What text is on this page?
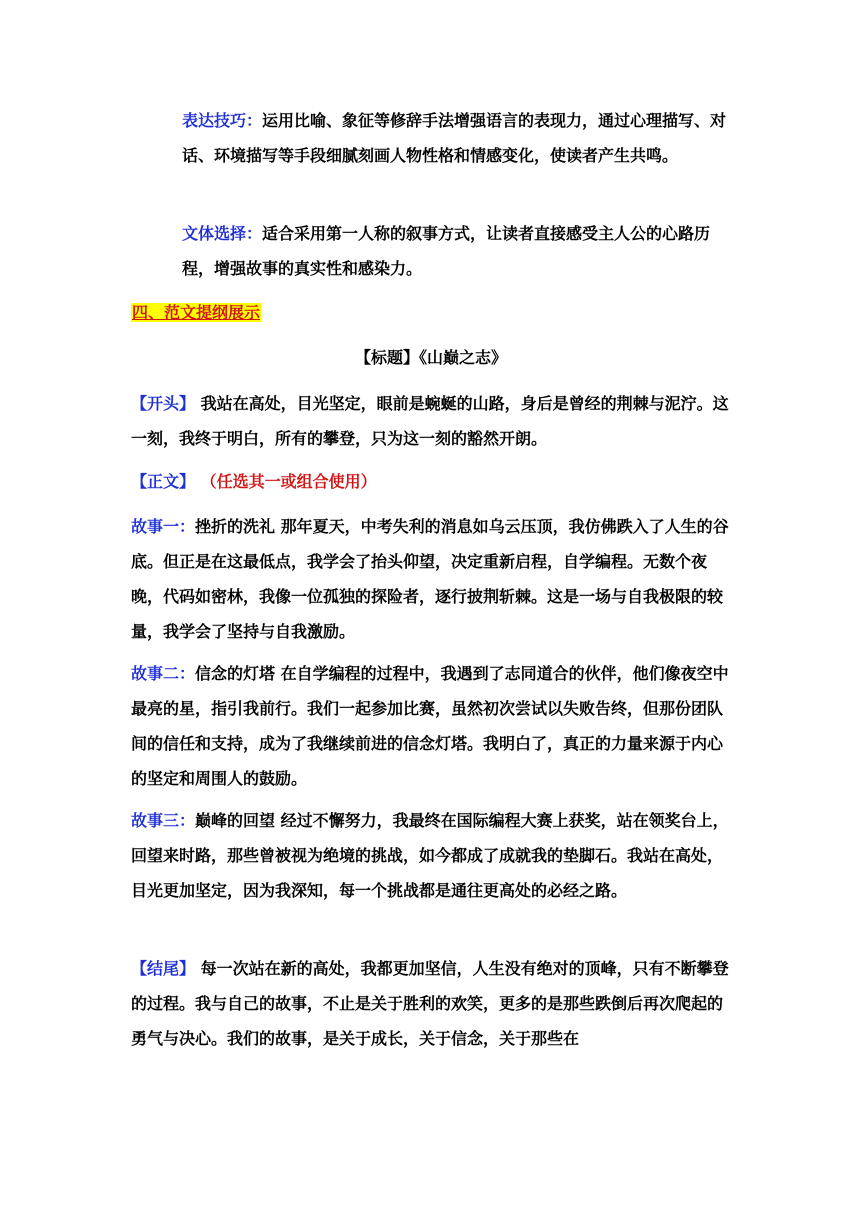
表达技巧：运用比喻、象征等修辞手法增强语言的表现力，通过心理描写、对话、环境描写等手段细腻刻画人物性格和情感变化，使读者产生共鸣。

文体选择：适合采用第一人称的叙事方式，让读者直接感受主人公的心路历程，增强故事的真实性和感染力。

四、范文提纲展示

【标题】《山巅之志》

【开头】 我站在高处，目光坚定，眼前是蜿蜒的山路，身后是曾经的荆棘与泥泞。这一刻，我终于明白，所有的攀登，只为这一刻的豁然开朗。

【正文】 （任选其一或组合使用）

故事一：挫折的洗礼 那年夏天，中考失利的消息如乌云压顶，我仿佛跌入了人生的谷底。但正是在这最低点，我学会了抬头仰望，决定重新启程，自学编程。无数个夜晚，代码如密林，我像一位孤独的探险者，逐行披荆斩棘。这是一场与自我极限的较量，我学会了坚持与自我激励。

故事二：信念的灯塔 在自学编程的过程中，我遇到了志同道合的伙伴，他们像夜空中最亮的星，指引我前行。我们一起参加比赛，虽然初次尝试以失败告终，但那份团队间的信任和支持，成为了我继续前进的信念灯塔。我明白了，真正的力量来源于内心的坚定和周围人的鼓励。

故事三：巅峰的回望 经过不懈努力，我最终在国际编程大赛上获奖，站在领奖台上，回望来时路，那些曾被视为绝境的挑战，如今都成了成就我的垫脚石。我站在高处，目光更加坚定，因为我深知，每一个挑战都是通往更高处的必经之路。

【结尾】 每一次站在新的高处，我都更加坚信，人生没有绝对的顶峰，只有不断攀登的过程。我与自己的故事，不止是关于胜利的欢笑，更多的是那些跌倒后再次爬起的勇气与决心。我们的故事，是关于成长，关于信念，关于那些在
